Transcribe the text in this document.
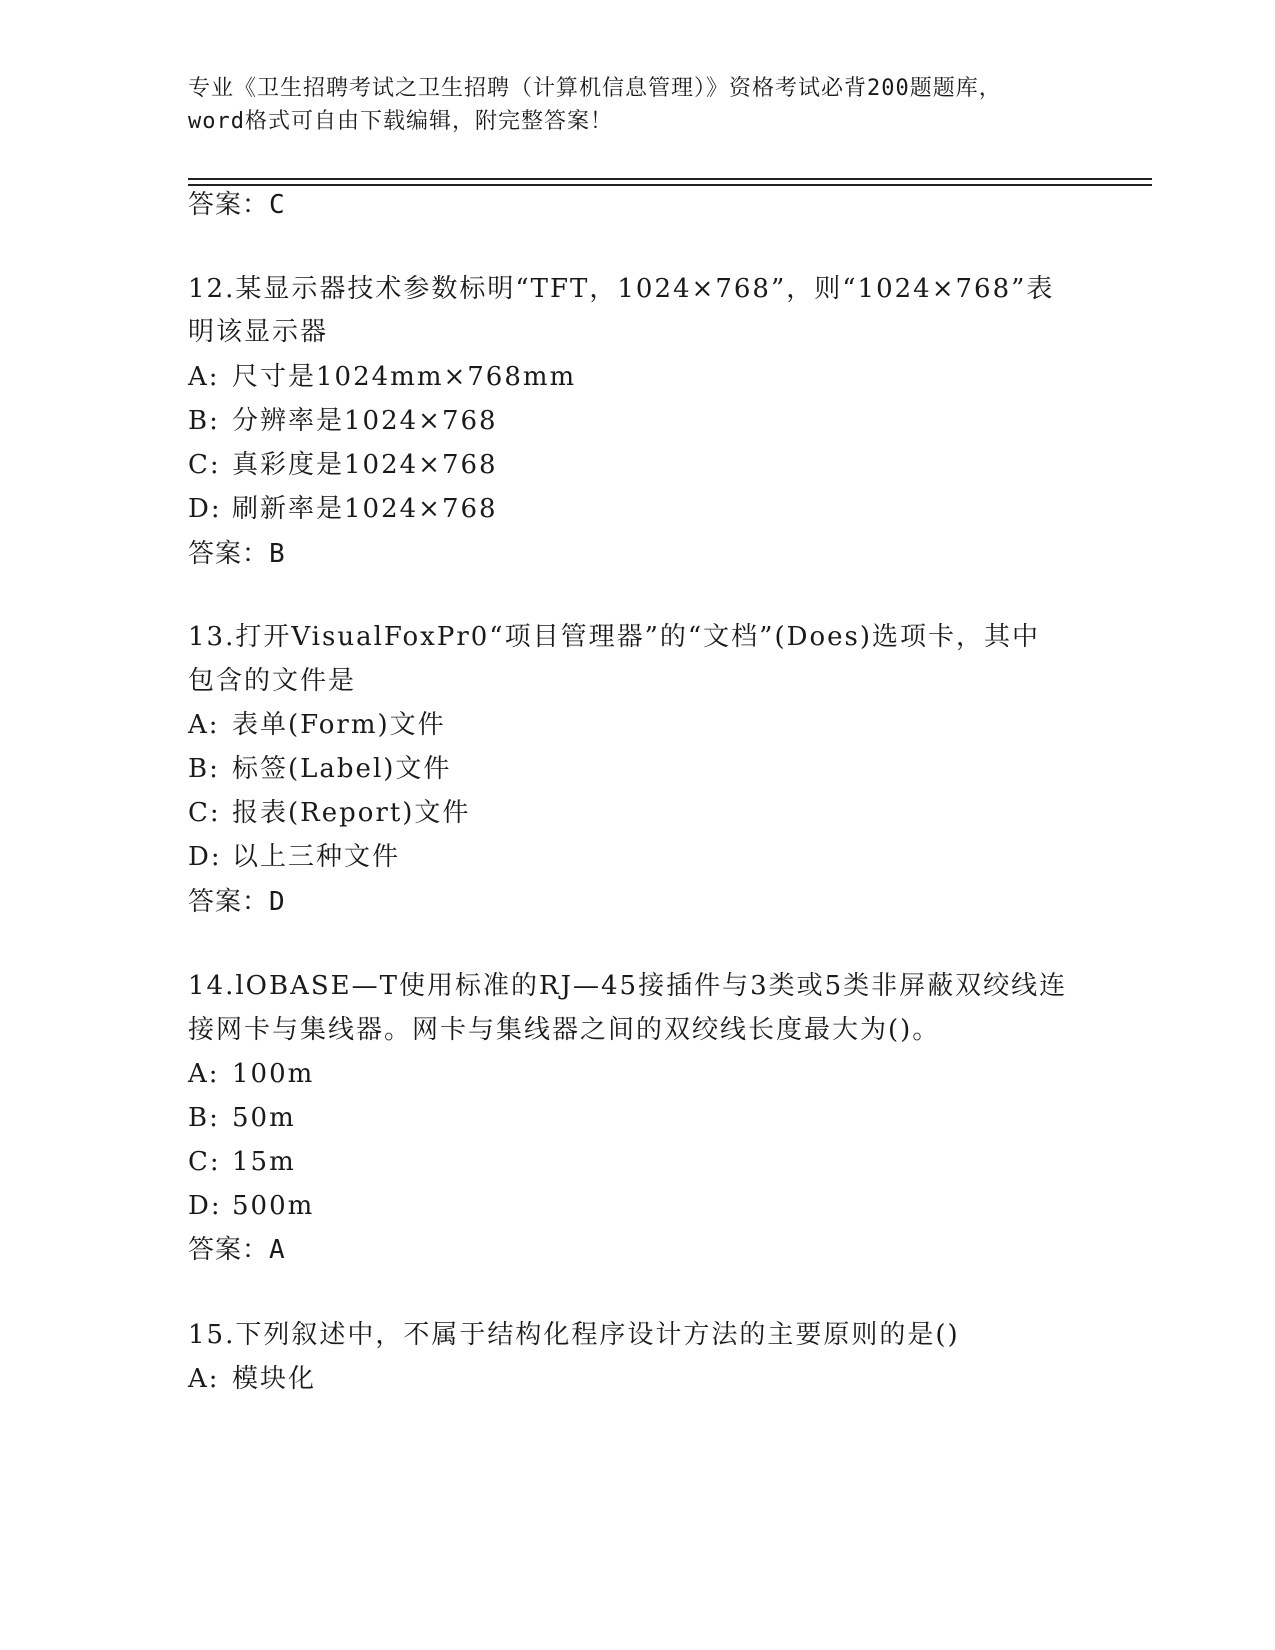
专业《卫生招聘考试之卫生招聘（计算机信息管理）》资格考试必背200题题库，
word格式可自由下载编辑，附完整答案！
答案：C
12.某显示器技术参数标明“TFT，1024×768”，则“1024×768”表
明该显示器
A: 尺寸是1024mm×768mm
B: 分辨率是1024×768
C: 真彩度是1024×768
D: 刷新率是1024×768
答案：B
13.打开VisualFoxPr0“项目管理器”的“文档”(Does)选项卡，其中
包含的文件是
A: 表单(Form)文件
B: 标签(Label)文件
C: 报表(Report)文件
D: 以上三种文件
答案：D
14.lOBASE—T使用标准的RJ—45接插件与3类或5类非屏蔽双绞线连
接网卡与集线器。网卡与集线器之间的双绞线长度最大为()。
A: 100m
B: 50m
C: 15m
D: 500m
答案：A
15.下列叙述中，不属于结构化程序设计方法的主要原则的是()
A: 模块化
